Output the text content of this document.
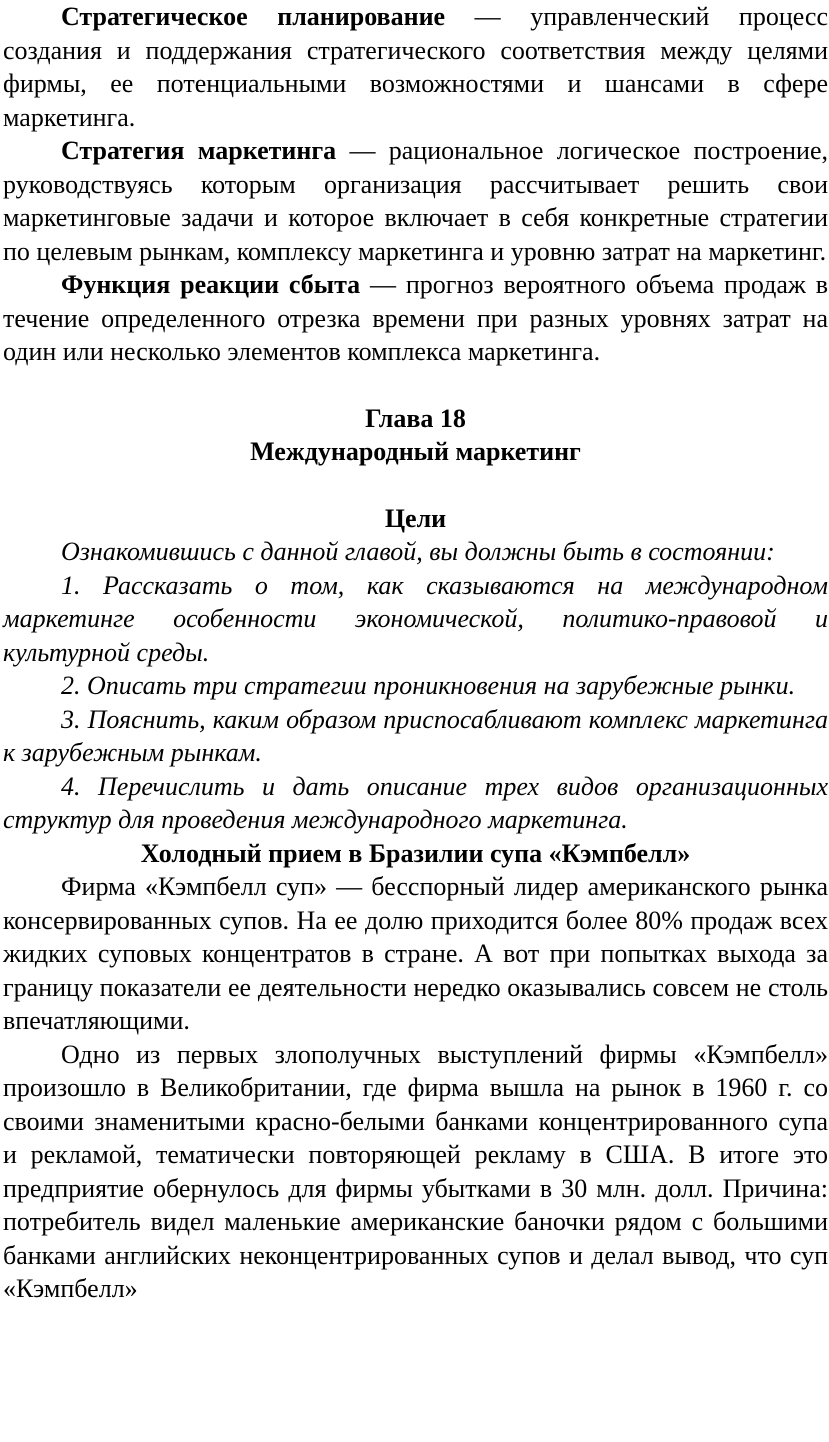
Стратегическое планирование — управленческий процесс создания и поддержания стратегического соответствия между целями фирмы, ее потенциальными возможностями и шансами в сфере маркетинга.

Стратегия маркетинга — рациональное логическое построение, руководствуясь которым организация рассчитывает решить свои маркетинговые задачи и которое включает в себя конкретные стратегии по целевым рынкам, комплексу маркетинга и уровню затрат на маркетинг.

Функция реакции сбыта — прогноз вероятного объема продаж в течение определенного отрезка времени при разных уровнях затрат на один или несколько элементов комплекса маркетинга.

Глава 18

Международный маркетинг

Цели

Ознакомившись с данной главой, вы должны быть в состоянии:

1. Рассказать о том, как сказываются на международном маркетинге особенности экономической, политико-правовой и культурной среды.

2. Описать три стратегии проникновения на зарубежные рынки.

3. Пояснить, каким образом приспосабливают комплекс маркетинга к зарубежным рынкам.

4. Перечислить и дать описание трех видов организационных структур для проведения международного маркетинга.

Холодный прием в Бразилии супа «Кэмпбелл»

Фирма «Кэмпбелл суп» — бесспорный лидер американского рынка консервированных супов. На ее долю приходится более 80% продаж всех жидких суповых концентратов в стране. А вот при попытках выхода за границу показатели ее деятельности нередко оказывались совсем не столь впечатляющими.

Одно из первых злополучных выступлений фирмы «Кэмпбелл» произошло в Великобритании, где фирма вышла на рынок в 1960 г. со своими знаменитыми красно-белыми банками концентрированного супа и рекламой, тематически повторяющей рекламу в США. В итоге это предприятие обернулось для фирмы убытками в 30 млн. долл. Причина: потребитель видел маленькие американские баночки рядом с большими банками английских неконцентрированных супов и делал вывод, что суп «Кэмпбелл»
